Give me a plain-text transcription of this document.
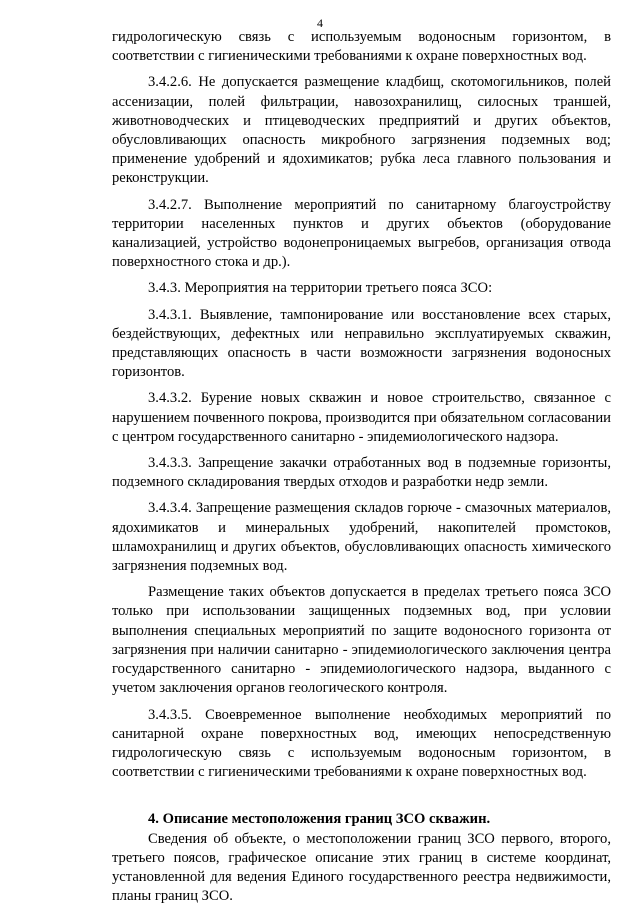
4

гидрологическую связь с используемым водоносным горизонтом, в соответствии с гигиеническими требованиями к охране поверхностных вод.

3.4.2.6. Не допускается размещение кладбищ, скотомогильников, полей ассенизации, полей фильтрации, навозохранилищ, силосных траншей, животноводческих и птицеводческих предприятий и других объектов, обусловливающих опасность микробного загрязнения подземных вод; применение удобрений и ядохимикатов; рубка леса главного пользования и реконструкции.

3.4.2.7. Выполнение мероприятий по санитарному благоустройству территории населенных пунктов и других объектов (оборудование канализацией, устройство водонепроницаемых выгребов, организация отвода поверхностного стока и др.).

3.4.3. Мероприятия на территории третьего пояса ЗСО:

3.4.3.1. Выявление, тампонирование или восстановление всех старых, бездействующих, дефектных или неправильно эксплуатируемых скважин, представляющих опасность в части возможности загрязнения водоносных горизонтов.

3.4.3.2. Бурение новых скважин и новое строительство, связанное с нарушением почвенного покрова, производится при обязательном согласовании с центром государственного санитарно - эпидемиологического надзора.

3.4.3.3. Запрещение закачки отработанных вод в подземные горизонты, подземного складирования твердых отходов и разработки недр земли.

3.4.3.4. Запрещение размещения складов горюче - смазочных материалов, ядохимикатов и минеральных удобрений, накопителей промстоков, шламохранилищ и других объектов, обусловливающих опасность химического загрязнения подземных вод.

Размещение таких объектов допускается в пределах третьего пояса ЗСО только при использовании защищенных подземных вод, при условии выполнения специальных мероприятий по защите водоносного горизонта от загрязнения при наличии санитарно - эпидемиологического заключения центра государственного санитарно - эпидемиологического надзора, выданного с учетом заключения органов геологического контроля.

3.4.3.5. Своевременное выполнение необходимых мероприятий по санитарной охране поверхностных вод, имеющих непосредственную гидрологическую связь с используемым водоносным горизонтом, в соответствии с гигиеническими требованиями к охране поверхностных вод.

4. Описание местоположения границ ЗСО скважин.

Сведения об объекте, о местоположении границ ЗСО первого, второго, третьего поясов, графическое описание этих границ в системе координат, установленной для ведения Единого государственного реестра недвижимости, планы границ ЗСО.
